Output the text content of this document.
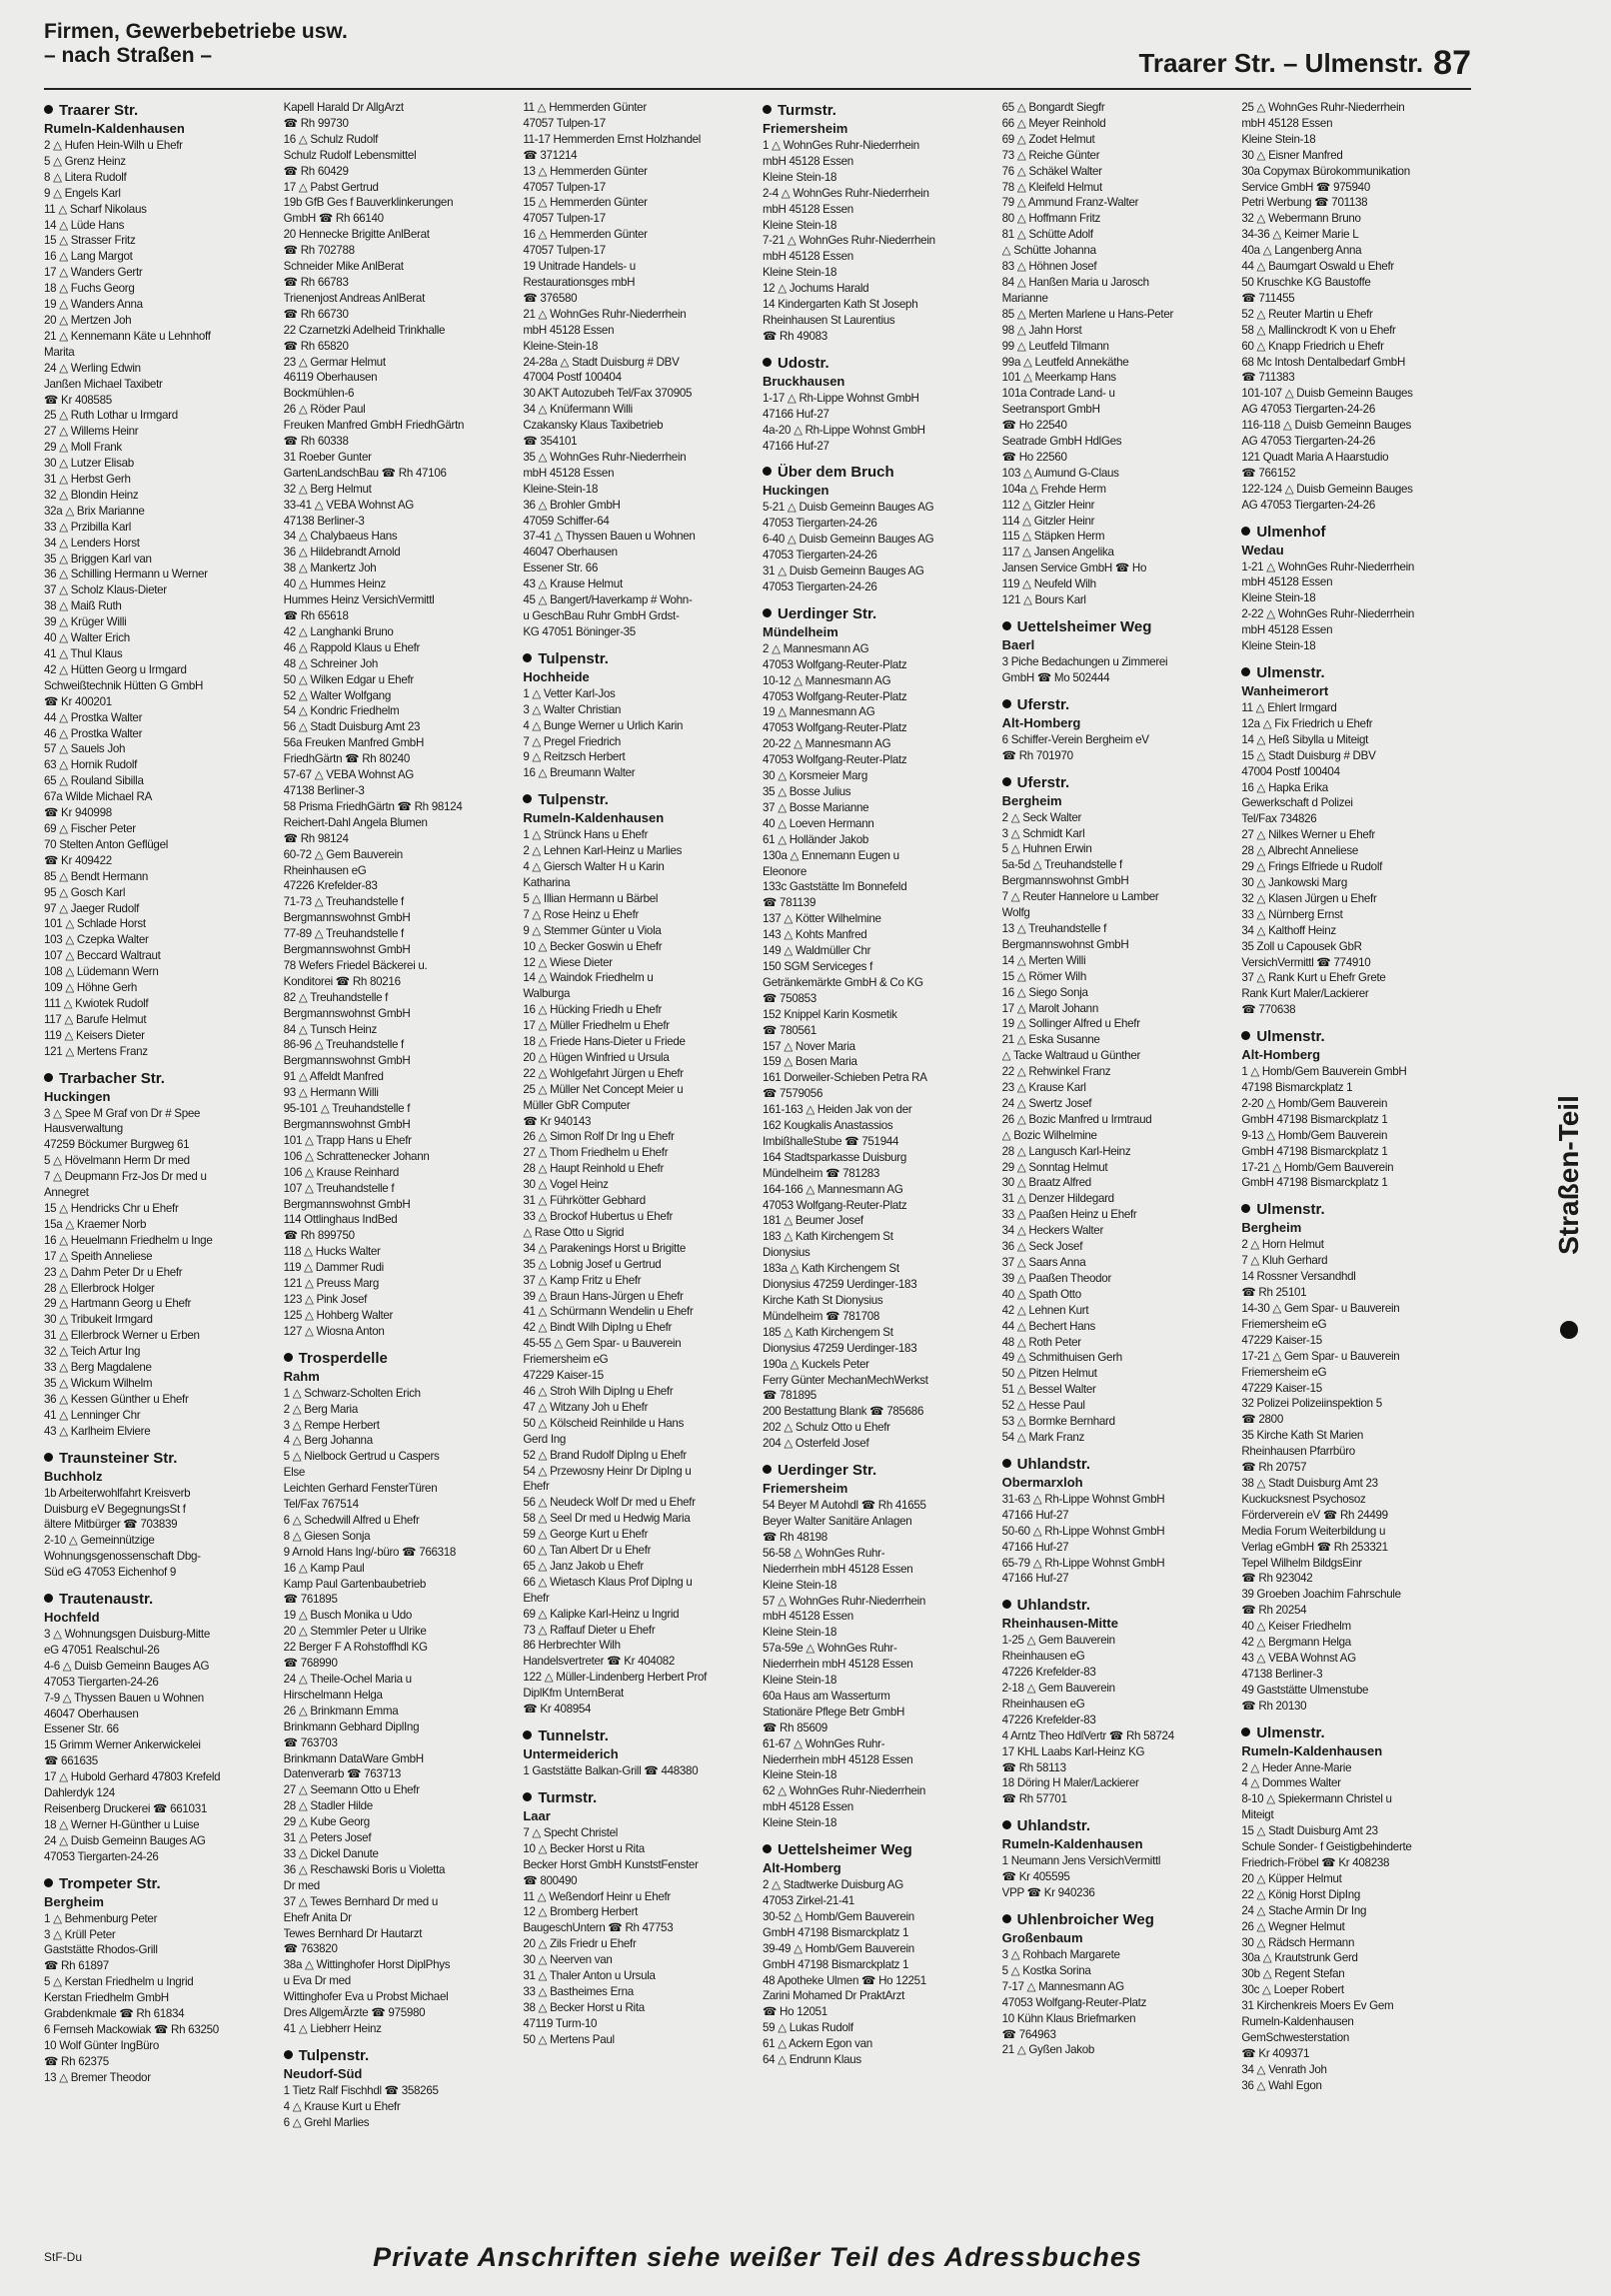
Firmen, Gewerbebetriebe usw.
– nach Straßen –	Traarer Str. – Ulmenstr. 87
Traarer Str.
Rumeln-Kaldenhausen
2 △ Hufen Hein-Wilh u Ehefr
5 △ Grenz Heinz
8 △ Litera Rudolf
9 △ Engels Karl
11 △ Scharf Nikolaus
14 △ Lüde Hans
15 △ Strasser Fritz
16 △ Lang Margot
17 △ Wanders Gertr
18 △ Fuchs Georg
19 △ Wanders Anna
20 △ Mertzen Joh
21 △ Kennemann Käte u Lehnhoff
Marita
24 △ Werling Edwin
Janßen Michael Taxibetr
☎ Kr 408585
25 △ Ruth Lothar u Irmgard
27 △ Willems Heinr
29 △ Moll Frank
30 △ Lutzer Elisab
31 △ Herbst Gerh
32 △ Blondin Heinz
32a △ Brix Marianne
33 △ Przibilla Karl
34 △ Lenders Horst
35 △ Briggen Karl van
36 △ Schilling Hermann u Werner
37 △ Scholz Klaus-Dieter
38 △ Maiß Ruth
39 △ Krüger Willi
40 △ Walter Erich
41 △ Thul Klaus
42 △ Hütten Georg u Irmgard
Schweißtechnik Hütten G GmbH
☎ Kr 400201
44 △ Prostka Walter
46 △ Prostka Walter
57 △ Sauels Joh
63 △ Hornik Rudolf
65 △ Rouland Sibilla
67a Wilde Michael RA
☎ Kr 940998
69 △ Fischer Peter
70 Stelten Anton Geflügel
☎ Kr 409422
85 △ Bendt Hermann
95 △ Gosch Karl
97 △ Jaeger Rudolf
101 △ Schlade Horst
103 △ Czepka Walter
107 △ Beccard Waltraut
108 △ Lüdemann Wern
109 △ Höhne Gerh
111 △ Kwiotek Rudolf
117 △ Barufe Helmut
119 △ Keisers Dieter
121 △ Mertens Franz
Trarbacher Str.
Huckingen
3 △ Spee M Graf von Dr # Spee
Hausverwaltung
47259 Böckumer Burgweg 61
5 △ Hövelmann Herm Dr med
7 △ Deupmann Frz-Jos Dr med u
Annegret
15 △ Hendricks Chr u Ehefr
15a △ Kraemer Norb
16 △ Heuelmann Friedhelm u Inge
17 △ Speith Anneliese
23 △ Dahm Peter Dr u Ehefr
28 △ Ellerbrock Holger
29 △ Hartmann Georg u Ehefr
30 △ Tribukeit Irmgard
31 △ Ellerbrock Werner u Erben
32 △ Teich Artur Ing
33 △ Berg Magdalene
35 △ Wickum Wilhelm
36 △ Kessen Günther u Ehefr
41 △ Lenninger Chr
43 △ Karlheim Elviere
Traunsteiner Str.
Buchholz
1b Arbeiterwohlfahrt Kreisverb
Duisburg eV BegegnungsSt f
ältere Mitbürger ☎ 703839
2-10 △ Gemeinnützige
Wohnungsgenossenschaft Dbg-
Süd eG 47053 Eichenhof 9
Trautenaustr.
Hochfeld
3 △ Wohnungsgen Duisburg-Mitte
eG 47051 Realschul-26
4-6 △ Duisb Gemeinn Bauges AG
47053 Tiergarten-24-26
7-9 △ Thyssen Bauen u Wohnen
46047 Oberhausen
Essener Str. 66
15 Grimm Werner Ankerwickelei
☎ 661635
17 △ Hubold Gerhard 47803 Krefeld
Dahlerdyk 124
Reisenberg Druckerei ☎ 661031
18 △ Werner H-Günther u Luise
24 △ Duisb Gemeinn Bauges AG
47053 Tiergarten-24-26
Trompeter Str.
Bergheim
1 △ Behmenburg Peter
3 △ Krüll Peter
Gaststätte Rhodos-Grill
☎ Rh 61897
5 △ Kerstan Friedhelm u Ingrid
Kerstan Friedhelm GmbH
Grabdenkmale ☎ Rh 61834
6 Fernseh Mackowiak ☎ Rh 63250
10 Wolf Günter IngBüro
☎ Rh 62375
13 △ Bremer Theodor
Kapell Harald Dr AllgArzt
☎ Rh 99730
16 △ Schulz Rudolf
Schulz Rudolf Lebensmittel
☎ Rh 60429
17 △ Pabst Gertrud
19b GfB Ges f Bauverklinkerungen
GmbH ☎ Rh 66140
20 Hennecke Brigitte AnlBerat
☎ Rh 702788
Schneider Mike AnlBerat
☎ Rh 66783
Trienenjost Andreas AnlBerat
☎ Rh 66730
22 Czarnetzki Adelheid Trinkhalle
☎ Rh 65820
23 △ Germar Helmut
46119 Oberhausen
Bockmühlen-6
26 △ Röder Paul
Freuken Manfred GmbH FriedhGärtn
☎ Rh 60338
31 Roeber Gunter
GartenLandschBau ☎ Rh 47106
32 △ Berg Helmut
33-41 △ VEBA Wohnst AG
47138 Berliner-3
34 △ Chalybaeus Hans
36 △ Hildebrandt Arnold
38 △ Mankertz Joh
40 △ Hummes Heinz
Hummes Heinz VersichVermittl
☎ Rh 65618
42 △ Langhanki Bruno
46 △ Rappold Klaus u Ehefr
48 △ Schreiner Joh
50 △ Wilken Edgar u Ehefr
52 △ Walter Wolfgang
54 △ Kondric Friedhelm
56 △ Stadt Duisburg Amt 23
56a Freuken Manfred GmbH
FriedhGärtn ☎ Rh 80240
57-67 △ VEBA Wohnst AG
47138 Berliner-3
58 Prisma FriedhGärtn ☎ Rh 98124
Reichert-Dahl Angela Blumen
☎ Rh 98124
60-72 △ Gem Bauverein
Rheinhausen eG
47226 Krefelder-83
71-73 △ Treuhandstelle f
Bergmannswohnst GmbH
77-89 △ Treuhandstelle f
Bergmannswohnst GmbH
78 Wefers Friedel Bäckerei u.
Konditorei ☎ Rh 80216
82 △ Treuhandstelle f
Bergmannswohnst GmbH
84 △ Tunsch Heinz
86-96 △ Treuhandstelle f
Bergmannswohnst GmbH
91 △ Affeldt Manfred
93 △ Hermann Willi
95-101 △ Treuhandstelle f
Bergmannswohnst GmbH
101 △ Trapp Hans u Ehefr
106 △ Schrattenecker Johann
106 △ Krause Reinhard
107 △ Treuhandstelle f
Bergmannswohnst GmbH
114 Ottlinghaus IndBed
☎ Rh 899750
118 △ Hucks Walter
119 △ Dammer Rudi
121 △ Preuss Marg
123 △ Pink Josef
125 △ Hohberg Walter
127 △ Wiosna Anton
Trosperdelle
Rahm
1 △ Schwarz-Scholten Erich
2 △ Berg Maria
3 △ Rempe Herbert
4 △ Berg Johanna
5 △ Nielbock Gertrud u Caspers
Else
Leichten Gerhard FensterTüren
Tel/Fax 767514
6 △ Schedwill Alfred u Ehefr
8 △ Giesen Sonja
9 Arnold Hans Ing/-büro ☎ 766318
16 △ Kamp Paul
Kamp Paul Gartenbaubetrieb
☎ 761895
19 △ Busch Monika u Udo
20 △ Stemmler Peter u Ulrike
22 Berger F A Rohstoffhdl KG
☎ 768990
24 △ Theile-Ochel Maria u
Hirschelmann Helga
26 △ Brinkmann Emma
Brinkmann Gebhard DiplIng
☎ 763703
Brinkmann DataWare GmbH
Datenverarb ☎ 763713
27 △ Seemann Otto u Ehefr
28 △ Stadler Hilde
29 △ Kube Georg
31 △ Peters Josef
33 △ Dickel Danute
36 △ Reschawski Boris u Violetta
Dr med
37 △ Tewes Bernhard Dr med u
Ehefr Anita Dr
Tewes Bernhard Dr Hautarzt
☎ 763820
38a △ Wittinghofer Horst DiplPhys
u Eva Dr med
Wittinghofer Eva u Probst Michael
Dres AllgemÄrzte ☎ 975980
41 △ Liebherr Heinz
Tulpenstr.
Neudorf-Süd
1 Tietz Ralf Fischhdl ☎ 358265
4 △ Krause Kurt u Ehefr
6 △ Grehl Marlies
11 △ Hemmerden Günter
47057 Tulpen-17
11-17 Hemmerden Ernst Holzhandel
☎ 371214
13 △ Hemmerden Günter
47057 Tulpen-17
15 △ Hemmerden Günter
47057 Tulpen-17
16 △ Hemmerden Günter
47057 Tulpen-17
19 Unitrade Handels- u
Restaurationsges mbH
☎ 376580
21 △ WohnGes Ruhr-Niederrhein
mbH 45128 Essen
Kleine-Stein-18
24-28a △ Stadt Duisburg # DBV
47004 Postf 100404
30 AKT Autozubeh Tel/Fax 370905
34 △ Knüfermann Willi
Czakansky Klaus Taxibetrieb
☎ 354101
35 △ WohnGes Ruhr-Niederrhein
mbH 45128 Essen
Kleine-Stein-18
36 △ Brohler GmbH
47059 Schiffer-64
37-41 △ Thyssen Bauen u Wohnen
46047 Oberhausen
Essener Str. 66
43 △ Krause Helmut
45 △ Bangert/Haverkamp # Wohn-
u GeschBau Ruhr GmbH Grdst-
KG 47051 Böninger-35
Tulpenstr.
Hochheide
1 △ Vetter Karl-Jos
3 △ Walter Christian
4 △ Bunge Werner u Urlich Karin
7 △ Pregel Friedrich
9 △ Reitzsch Herbert
16 △ Breumann Walter
Tulpenstr.
Rumeln-Kaldenhausen
1 △ Strünck Hans u Ehefr
2 △ Lehnen Karl-Heinz u Marlies
4 △ Giersch Walter H u Karin
Katharina
5 △ Illian Hermann u Bärbel
7 △ Rose Heinz u Ehefr
9 △ Stemmer Günter u Viola
10 △ Becker Goswin u Ehefr
12 △ Wiese Dieter
14 △ Waindok Friedhelm u
Walburga
16 △ Hücking Friedh u Ehefr
17 △ Müller Friedhelm u Ehefr
18 △ Friede Hans-Dieter u Friede
20 △ Hügen Winfried u Ursula
22 △ Wohlgefahrt Jürgen u Ehefr
25 △ Müller Net Concept Meier u
Müller GbR Computer
☎ Kr 940143
26 △ Simon Rolf Dr Ing u Ehefr
27 △ Thom Friedhelm u Ehefr
28 △ Haupt Reinhold u Ehefr
30 △ Vogel Heinz
31 △ Führkötter Gebhard
33 △ Brockof Hubertus u Ehefr
△ Rase Otto u Sigrid
34 △ Parakenings Horst u Brigitte
35 △ Lobnig Josef u Gertrud
37 △ Kamp Fritz u Ehefr
39 △ Braun Hans-Jürgen u Ehefr
41 △ Schürmann Wendelin u Ehefr
42 △ Bindt Wilh DipIng u Ehefr
45-55 △ Gem Spar- u Bauverein
Friemersheim eG
47229 Kaiser-15
46 △ Stroh Wilh DipIng u Ehefr
47 △ Witzany Joh u Ehefr
50 △ Kölscheid Reinhilde u Hans
Gerd Ing
52 △ Brand Rudolf DipIng u Ehefr
54 △ Przewosny Heinr Dr DipIng u
Ehefr
56 △ Neudeck Wolf Dr med u Ehefr
58 △ Seel Dr med u Hedwig Maria
59 △ George Kurt u Ehefr
60 △ Tan Albert Dr u Ehefr
65 △ Janz Jakob u Ehefr
66 △ Wietasch Klaus Prof DipIng u
Ehefr
69 △ Kalipke Karl-Heinz u Ingrid
73 △ Raffauf Dieter u Ehefr
86 Herbrechter Wilh
Handelsvertreter ☎ Kr 404082
122 △ Müller-Lindenberg Herbert Prof
DiplKfm UnternBerat
☎ Kr 408954
Tunnelstr.
Untermeiderich
1 Gaststätte Balkan-Grill ☎ 448380
Turmstr.
Laar
7 △ Specht Christel
10 △ Becker Horst u Rita
Becker Horst GmbH KunststFenster
☎ 800490
11 △ Weßendorf Heinr u Ehefr
12 △ Bromberg Herbert
BaugeschUntern ☎ Rh 47753
20 △ Zils Friedr u Ehefr
30 △ Neerven van
31 △ Thaler Anton u Ursula
33 △ Bastheimes Erna
38 △ Becker Horst u Rita
47119 Turm-10
50 △ Mertens Paul
Turmstr.
Friemersheim
1 △ WohnGes Ruhr-Niederrhein
mbH 45128 Essen
Kleine Stein-18
2-4 △ WohnGes Ruhr-Niederrhein
mbH 45128 Essen
Kleine Stein-18
7-21 △ WohnGes Ruhr-Niederrhein
mbH 45128 Essen
Kleine Stein-18
12 △ Jochums Harald
14 Kindergarten Kath St Joseph
Rheinhausen St Laurentius
☎ Rh 49083
Udostr.
Bruckhausen
1-17 △ Rh-Lippe Wohnst GmbH
47166 Huf-27
4a-20 △ Rh-Lippe Wohnst GmbH
47166 Huf-27
Über dem Bruch
Huckingen
5-21 △ Duisb Gemeinn Bauges AG
47053 Tiergarten-24-26
6-40 △ Duisb Gemeinn Bauges AG
47053 Tiergarten-24-26
31 △ Duisb Gemeinn Bauges AG
47053 Tiergarten-24-26
Uerdinger Str.
Mündelheim
2 △ Mannesmann AG
47053 Wolfgang-Reuter-Platz
10-12 △ Mannesmann AG
47053 Wolfgang-Reuter-Platz
19 △ Mannesmann AG
47053 Wolfgang-Reuter-Platz
20-22 △ Mannesmann AG
47053 Wolfgang-Reuter-Platz
30 △ Korsmeier Marg
35 △ Bosse Julius
37 △ Bosse Marianne
40 △ Loeven Hermann
61 △ Holländer Jakob
130a △ Ennemann Eugen u
Eleonore
133c Gaststätte Im Bonnefeld
☎ 781139
137 △ Kötter Wilhelmine
143 △ Kohts Manfred
149 △ Waldmüller Chr
150 SGM Serviceges f
Getränkemärkte GmbH & Co KG
☎ 750853
152 Knippel Karin Kosmetik
☎ 780561
157 △ Nover Maria
159 △ Bosen Maria
161 Dorweiler-Schieben Petra RA
☎ 7579056
161-163 △ Heiden Jak von der
162 Kougkalis Anastassios
ImbißhalleStube ☎ 751944
164 Stadtsparkasse Duisburg
Mündelheim ☎ 781283
164-166 △ Mannesmann AG
47053 Wolfgang-Reuter-Platz
181 △ Beumer Josef
183 △ Kath Kirchengem St
Dionysius
183a △ Kath Kirchengem St
Dionysius 47259 Uerdinger-183
Kirche Kath St Dionysius
Mündelheim ☎ 781708
185 △ Kath Kirchengem St
Dionysius 47259 Uerdinger-183
190a △ Kuckels Peter
Ferry Günter MechanMechWerkst
☎ 781895
200 Bestattung Blank ☎ 785686
202 △ Schulz Otto u Ehefr
204 △ Osterfeld Josef
Uerdinger Str.
Friemersheim
54 Beyer M Autohdl ☎ Rh 41655
Beyer Walter Sanitäre Anlagen
☎ Rh 48198
56-58 △ WohnGes Ruhr-
Niederrhein mbH 45128 Essen
Kleine Stein-18
57 △ WohnGes Ruhr-Niederrhein
mbH 45128 Essen
Kleine Stein-18
57a-59e △ WohnGes Ruhr-
Niederrhein mbH 45128 Essen
Kleine Stein-18
60a Haus am Wasserturm
Stationäre Pflege Betr GmbH
☎ Rh 85609
61-67 △ WohnGes Ruhr-
Niederrhein mbH 45128 Essen
Kleine Stein-18
62 △ WohnGes Ruhr-Niederrhein
mbH 45128 Essen
Kleine Stein-18
Uettelsheimer Weg
Alt-Homberg
2 △ Stadtwerke Duisburg AG
47053 Zirkel-21-41
30-52 △ Homb/Gem Bauverein
GmbH 47198 Bismarckplatz 1
39-49 △ Homb/Gem Bauverein
GmbH 47198 Bismarckplatz 1
48 Apotheke Ulmen ☎ Ho 12251
Zarini Mohamed Dr PraktArzt
☎ Ho 12051
59 △ Lukas Rudolf
61 △ Ackern Egon van
64 △ Endrunn Klaus
65 △ Bongardt Siegfr
66 △ Meyer Reinhold
69 △ Zodet Helmut
73 △ Reiche Günter
76 △ Schäkel Walter
78 △ Kleifeld Helmut
79 △ Ammund Franz-Walter
80 △ Hoffmann Fritz
81 △ Schütte Adolf
△ Schütte Johanna
83 △ Höhnen Josef
84 △ Hanßen Maria u Jarosch
Marianne
85 △ Merten Marlene u Hans-Peter
98 △ Jahn Horst
99 △ Leutfeld Tilmann
99a △ Leutfeld Annekäthe
101 △ Meerkamp Hans
101a Contrade Land- u
Seetransport GmbH
☎ Ho 22540
Seatrade GmbH HdlGes
☎ Ho 22560
103 △ Aumund G-Claus
104a △ Frehde Herm
112 △ Gitzler Heinr
114 △ Gitzler Heinr
115 △ Stäpken Herm
117 △ Jansen Angelika
Jansen Service GmbH ☎ Ho
119 △ Neufeld Wilh
121 △ Bours Karl
Uettelsheimer Weg
Baerl
3 Piche Bedachungen u Zimmerei
GmbH ☎ Mo 502444
Uferstr.
Alt-Homberg
6 Schiffer-Verein Bergheim eV
☎ Rh 701970
Uferstr.
Bergheim
2 △ Seck Walter
3 △ Schmidt Karl
5 △ Huhnen Erwin
5a-5d △ Treuhandstelle f
Bergmannswohnst GmbH
7 △ Reuter Hannelore u Lamber
Wolfg
13 △ Treuhandstelle f
Bergmannswohnst GmbH
14 △ Merten Willi
15 △ Römer Wilh
16 △ Siego Sonja
17 △ Marolt Johann
19 △ Sollinger Alfred u Ehefr
21 △ Eska Susanne
△ Tacke Waltraud u Günther
22 △ Rehwinkel Franz
23 △ Krause Karl
24 △ Swertz Josef
26 △ Bozic Manfred u Irmtraud
△ Bozic Wilhelmine
28 △ Langusch Karl-Heinz
29 △ Sonntag Helmut
30 △ Braatz Alfred
31 △ Denzer Hildegard
33 △ Paaßen Heinz u Ehefr
34 △ Heckers Walter
36 △ Seck Josef
37 △ Saars Anna
39 △ Paaßen Theodor
40 △ Spath Otto
42 △ Lehnen Kurt
44 △ Bechert Hans
48 △ Roth Peter
49 △ Schmithuisen Gerh
50 △ Pitzen Helmut
51 △ Bessel Walter
52 △ Hesse Paul
53 △ Bormke Bernhard
54 △ Mark Franz
Uhlandstr.
Obermarxloh
31-63 △ Rh-Lippe Wohnst GmbH
47166 Huf-27
50-60 △ Rh-Lippe Wohnst GmbH
47166 Huf-27
65-79 △ Rh-Lippe Wohnst GmbH
47166 Huf-27
Uhlandstr.
Rheinhausen-Mitte
1-25 △ Gem Bauverein
Rheinhausen eG
47226 Krefelder-83
2-18 △ Gem Bauverein
Rheinhausen eG
47226 Krefelder-83
4 Arntz Theo HdlVertr ☎ Rh 58724
17 KHL Laabs Karl-Heinz KG
☎ Rh 58113
18 Döring H Maler/Lackierer
☎ Rh 57701
Uhlandstr.
Rumeln-Kaldenhausen
1 Neumann Jens VersichVermittl
☎ Kr 405595
VPP ☎ Kr 940236
Uhlenbroicher Weg
Großenbaum
3 △ Rohbach Margarete
5 △ Kostka Sorina
7-17 △ Mannesmann AG
47053 Wolfgang-Reuter-Platz
10 Kühn Klaus Briefmarken
☎ 764963
21 △ Gyßen Jakob
25 △ WohnGes Ruhr-Niederrhein
mbH 45128 Essen
Kleine Stein-18
30 △ Eisner Manfred
30a Copymax Bürokommunikation
Service GmbH ☎ 975940
Petri Werbung ☎ 701138
32 △ Webermann Bruno
34-36 △ Keimer Marie L
40a △ Langenberg Anna
44 △ Baumgart Oswald u Ehefr
50 Kruschke KG Baustoffe
☎ 711455
52 △ Reuter Martin u Ehefr
58 △ Mallinckrodt K von u Ehefr
60 △ Knapp Friedrich u Ehefr
68 Mc Intosh Dentalbedarf GmbH
☎ 711383
101-107 △ Duisb Gemeinn Bauges
AG 47053 Tiergarten-24-26
116-118 △ Duisb Gemeinn Bauges
AG 47053 Tiergarten-24-26
121 Quadt Maria A Haarstudio
☎ 766152
122-124 △ Duisb Gemeinn Bauges
AG 47053 Tiergarten-24-26
Ulmenhof
Wedau
1-21 △ WohnGes Ruhr-Niederrhein
mbH 45128 Essen
Kleine Stein-18
2-22 △ WohnGes Ruhr-Niederrhein
mbH 45128 Essen
Kleine Stein-18
Ulmenstr.
Wanheimerort
11 △ Ehlert Irmgard
12a △ Fix Friedrich u Ehefr
14 △ Heß Sibylla u Miteigt
15 △ Stadt Duisburg # DBV
47004 Postf 100404
16 △ Hapka Erika
Gewerkschaft d Polizei
Tel/Fax 734826
27 △ Nilkes Werner u Ehefr
28 △ Albrecht Anneliese
29 △ Frings Elfriede u Rudolf
30 △ Jankowski Marg
32 △ Klasen Jürgen u Ehefr
33 △ Nürnberg Ernst
34 △ Kalthoff Heinz
35 Zoll u Capousek GbR
VersichVermittl ☎ 774910
37 △ Rank Kurt u Ehefr Grete
Rank Kurt Maler/Lackierer
☎ 770638
Ulmenstr.
Alt-Homberg
1 △ Homb/Gem Bauverein GmbH
47198 Bismarckplatz 1
2-20 △ Homb/Gem Bauverein
GmbH 47198 Bismarckplatz 1
9-13 △ Homb/Gem Bauverein
GmbH 47198 Bismarckplatz 1
17-21 △ Homb/Gem Bauverein
GmbH 47198 Bismarckplatz 1
Ulmenstr.
Bergheim
2 △ Horn Helmut
7 △ Kluh Gerhard
14 Rossner Versandhdl
☎ Rh 25101
14-30 △ Gem Spar- u Bauverein
Friemersheim eG
47229 Kaiser-15
17-21 △ Gem Spar- u Bauverein
Friemersheim eG
47229 Kaiser-15
32 Polizei Polizeiinspektion 5
☎ 2800
35 Kirche Kath St Marien
Rheinhausen Pfarrbüro
☎ Rh 20757
38 △ Stadt Duisburg Amt 23
Kuckucksnest Psychosoz
Förderverein eV ☎ Rh 24499
Media Forum Weiterbildung u
Verlag eGmbH ☎ Rh 253321
Tepel Wilhelm BildgsEinr
☎ Rh 923042
39 Groeben Joachim Fahrschule
☎ Rh 20254
40 △ Keiser Friedhelm
42 △ Bergmann Helga
43 △ VEBA Wohnst AG
47138 Berliner-3
49 Gaststätte Ulmenstube
☎ Rh 20130
Ulmenstr.
Rumeln-Kaldenhausen
2 △ Heder Anne-Marie
4 △ Dommes Walter
8-10 △ Spiekermann Christel u
Miteigt
15 △ Stadt Duisburg Amt 23
Schule Sonder- f Geistigbehinderte
Friedrich-Fröbel ☎ Kr 408238
20 △ Küpper Helmut
22 △ König Horst DipIng
24 △ Stache Armin Dr Ing
26 △ Wegner Helmut
30 △ Rädsch Hermann
30a △ Krautstrunk Gerd
30b △ Regent Stefan
30c △ Loeper Robert
31 Kirchenkreis Moers Ev Gem
Rumeln-Kaldenhausen
GemSchwesterstation
☎ Kr 409371
34 △ Venrath Joh
36 △ Wahl Egon
Straßen-Teil
StF-Du	Private Anschriften siehe weißer Teil des Adressbuches
